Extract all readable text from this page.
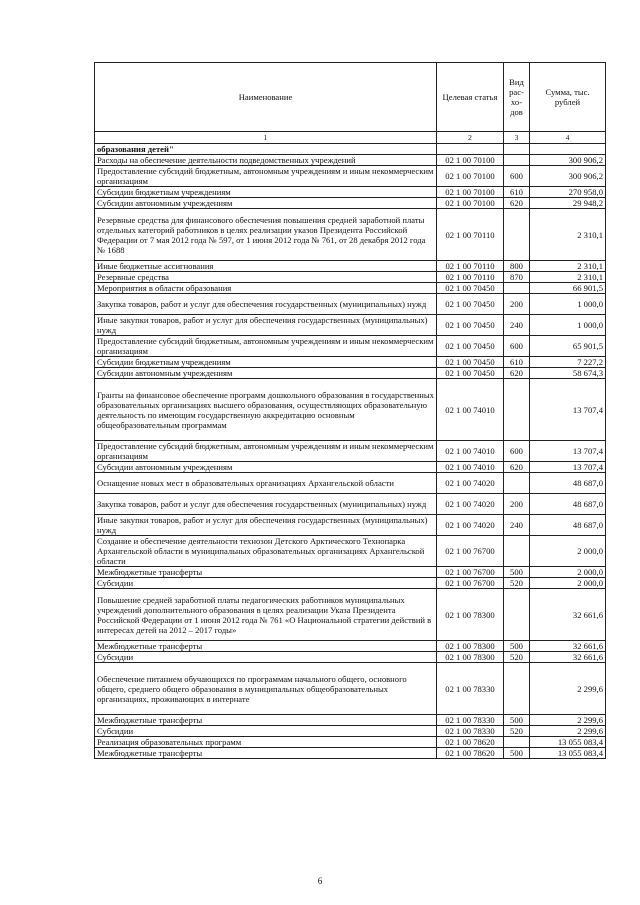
Наименование	Целевая статья	Вид рас-хо-дов	Сумма, тыс. рублей
1	2	3	4
образования детей"			
Расходы на обеспечение деятельности подведомственных учреждений	02 1 00 70100		300 906,2
Предоставление субсидий бюджетным, автономным учреждениям и иным некоммерческим организациям	02 1 00 70100	600	300 906,2
Субсидии бюджетным учреждениям	02 1 00 70100	610	270 958,0
Субсидии автономным учреждениям	02 1 00 70100	620	29 948,2
Резервные средства для финансового обеспечения повышения средней заработной платы отдельных категорий работников в целях реализации указов Президента Российской Федерации от 7 мая 2012 года № 597, от 1 июня 2012 года № 761, от 28 декабря 2012 года № 1688	02 1 00 70110		2 310,1
Иные бюджетные ассигнования	02 1 00 70110	800	2 310,1
Резервные средства	02 1 00 70110	870	2 310,1
Мероприятия в области образования	02 1 00 70450		66 901,5
Закупка товаров, работ и услуг для обеспечения государственных (муниципальных) нужд	02 1 00 70450	200	1 000,0
Иные закупки товаров, работ и услуг для обеспечения государственных (муниципальных) нужд	02 1 00 70450	240	1 000,0
Предоставление субсидий бюджетным, автономным учреждениям и иным некоммерческим организациям	02 1 00 70450	600	65 901,5
Субсидии бюджетным учреждениям	02 1 00 70450	610	7 227,2
Субсидии автономным учреждениям	02 1 00 70450	620	58 674,3
Гранты на финансовое обеспечение программ дошкольного образования в государственных образовательных организациях высшего образования, осуществляющих образовательную деятельность по имеющим государственную аккредитацию основным общеобразовательным программам	02 1 00 74010		13 707,4
Предоставление субсидий бюджетным, автономным учреждениям и иным некоммерческим организациям	02 1 00 74010	600	13 707,4
Субсидии автономным учреждениям	02 1 00 74010	620	13 707,4
Оснащение новых мест в образовательных организациях Архангельской области	02 1 00 74020		48 687,0
Закупка товаров, работ и услуг для обеспечения государственных (муниципальных) нужд	02 1 00 74020	200	48 687,0
Иные закупки товаров, работ и услуг для обеспечения государственных (муниципальных) нужд	02 1 00 74020	240	48 687,0
Создание и обеспечение деятельности технозон Детского Арктического Технопарка Архангельской области в муниципальных образовательных организациях Архангельской области	02 1 00 76700		2 000,0
Межбюджетные трансферты	02 1 00 76700	500	2 000,0
Субсидии	02 1 00 76700	520	2 000,0
Повышение средней заработной платы педагогических работников муниципальных учреждений дополнительного образования в целях реализации Указа Президента Российской Федерации от 1 июня 2012 года № 761 «О Национальной стратегии действий в интересах детей на 2012 – 2017 годы»	02 1 00 78300		32 661,6
Межбюджетные трансферты	02 1 00 78300	500	32 661,6
Субсидии	02 1 00 78300	520	32 661,6
Обеспечение питанием обучающихся по программам начального общего, основного общего, среднего общего образования в муниципальных общеобразовательных организациях, проживающих в интернате	02 1 00 78330		2 299,6
Межбюджетные трансферты	02 1 00 78330	500	2 299,6
Субсидии	02 1 00 78330	520	2 299,6
Реализация образовательных программ	02 1 00 78620		13 055 083,4
Межбюджетные трансферты	02 1 00 78620	500	13 055 083,4
6
